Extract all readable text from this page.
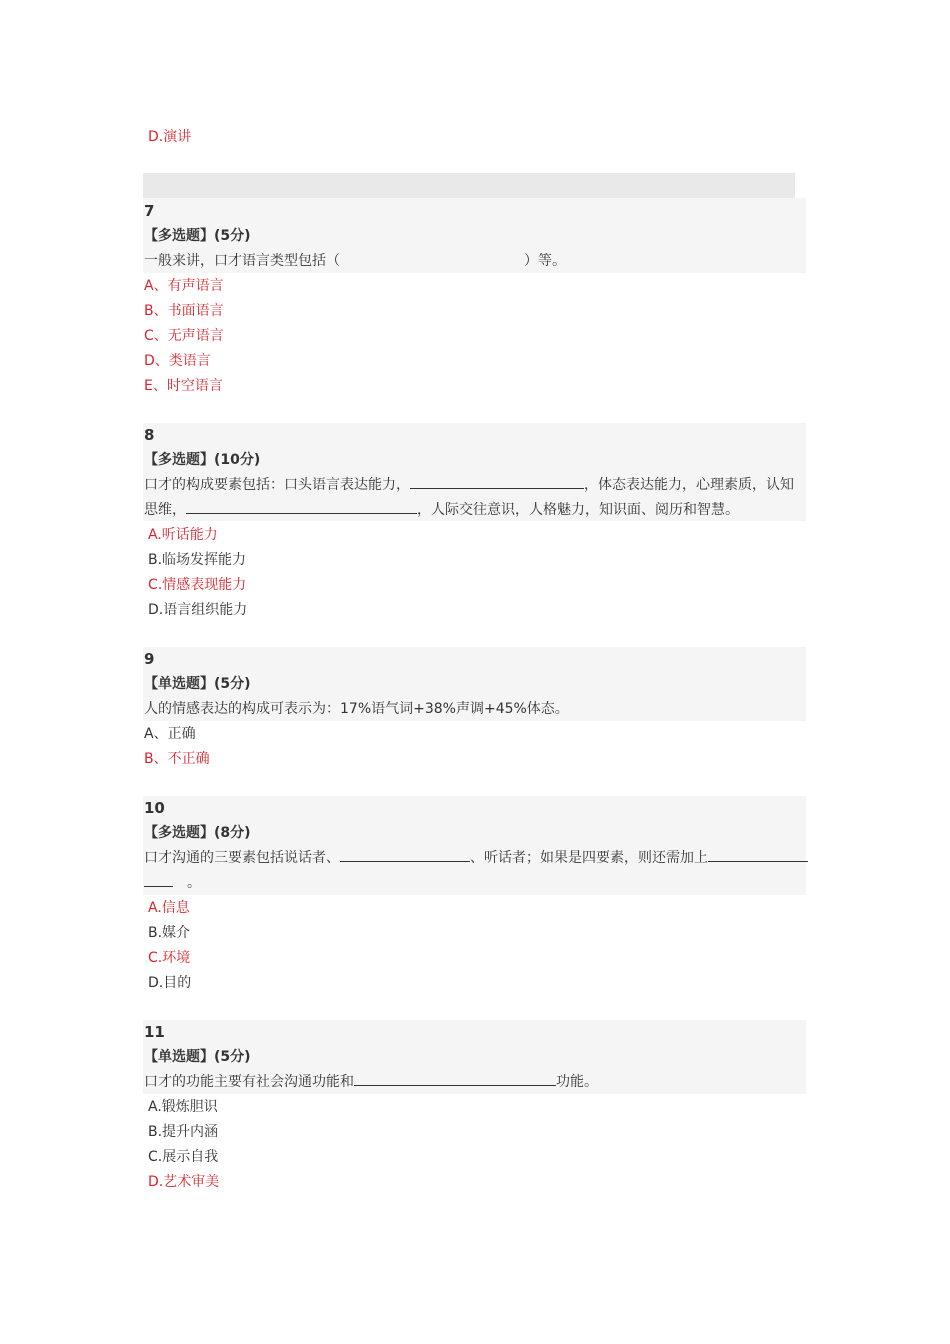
D.演讲
7
【多选题】(5分)
一般来讲，口才语言类型包括（	）等。
A、有声语言
B、书面语言
C、无声语言
D、类语言
E、时空语言
8
【多选题】(10分)
口才的构成要素包括：口头语言表达能力，	，体态表达能力，心理素质，认知
思维，	，人际交往意识，人格魅力，知识面、阅历和智慧。
A.听话能力
B.临场发挥能力
C.情感表现能力
D.语言组织能力
9
【单选题】(5分)
人的情感表达的构成可表示为：17%语气词+38%声调+45%体态。
A、正确
B、不正确
10
【多选题】(8分)
口才沟通的三要素包括说话者、	、听话者；如果是四要素，则还需加上
。
A.信息
B.媒介
C.环境
D.目的
11
【单选题】(5分)
口才的功能主要有社会沟通功能和	功能。
A.锻炼胆识
B.提升内涵
C.展示自我
D.艺术审美
